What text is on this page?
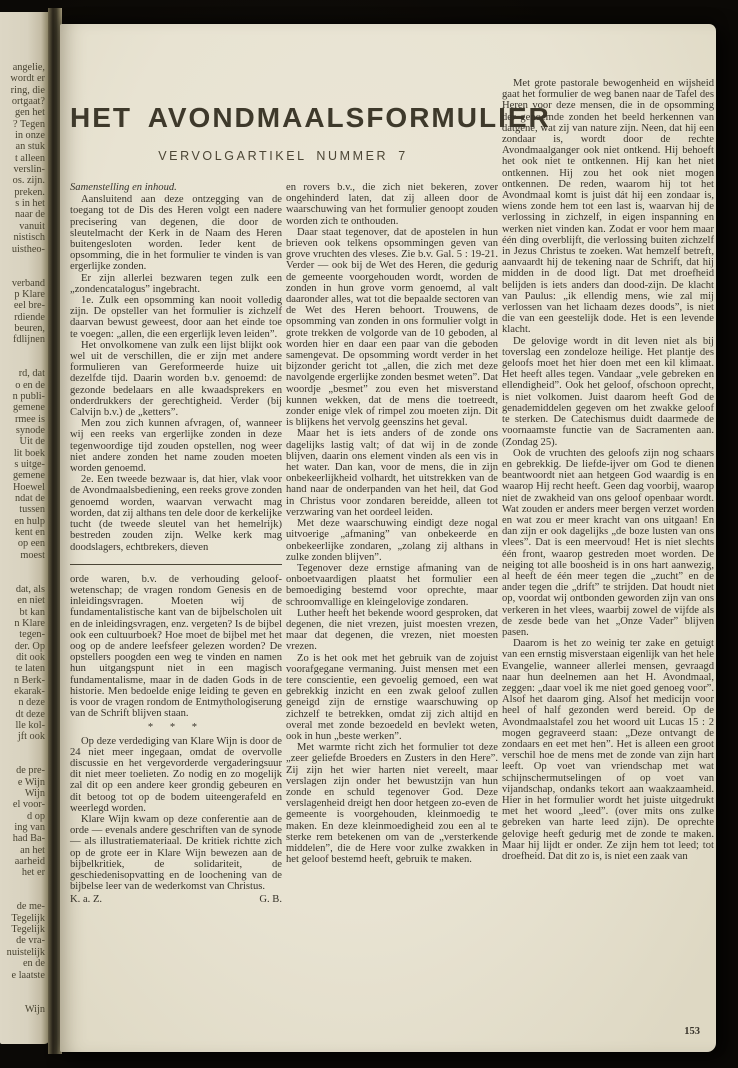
angelie,
wordt er
ring, die
ortgaat?
gen het
? Tegen
in onze
an stuk
t alleen
verslin-
os. zijn.
preken.
s in het
naar de
vanuit
nistisch
uistheo-
verband
p Klare
eel bre-
rdiende
beuren,
fdlijnen
rd, dat
o en de
n publi-
gemene
rmee is
synode
Uit de
lit boek
s uitge-
gemene
Hoewel
ndat de
tussen
en hulp
kent en
op een
moest
dat, als
en niet
bt kan
n Klare
tegen-
der. Op
dit ook
te laten
n Berk-
ekarak-
n deze
dt deze
lle kol-
jft ook
de pre-
e Wijn
Wijn
el voor-
d op
ing van
had Ba-
an het
aarheid
het er
de me-
Tegelijk
Tegelijk
de vra-
nuistelijk
en de
e laatste
Wijn
HET AVONDMAALSFORMULIER
VERVOLGARTIKEL NUMMER 7
Samenstelling en inhoud.
Aansluitend aan deze ontzegging van de toegang tot de Dis des Heren volgt een nadere precisering van degenen, die door de sleutelmacht der Kerk in de Naam des Heren buitengesloten worden. Ieder kent de opsomming, die in het formulier te vinden is van ergerlijke zonden.
Er zijn allerlei bezwaren tegen zulk een „zondencatalogus” ingebracht.
1e. Zulk een opsomming kan nooit volledig zijn. De opsteller van het formulier is zichzelf daarvan bewust geweest, door aan het einde toe te voegen: „allen, die een ergerlijk leven leiden”.
Het onvolkomene van zulk een lijst blijkt ook wel uit de verschillen, die er zijn met andere formulieren van Gereformeerde huize uit dezelfde tijd. Daarin worden b.v. genoemd: de gezonde bedelaars en alle kwaadsprekers en onderdrukkers der gerechtigheid. Verder (bij Calvijn b.v.) de „ketters”.
Men zou zich kunnen afvragen, of, wanneer wij een reeks van ergerlijke zonden in deze tegenwoordige tijd zouden opstellen, nog weer niet andere zonden het name zouden moeten worden genoemd.
2e. Een tweede bezwaar is, dat hier, vlak voor de Avondmaalsbediening, een reeks grove zonden genoemd worden, waarvan verwacht mag worden, dat zij althans ten dele door de kerkelijke tucht (de tweede sleutel van het hemelrijk) bestreden zouden zijn. Welke kerk mag doodslagers, echtbrekers, dieven
orde waren, b.v. de verhouding geloof-wetenschap; de vragen rondom Genesis en de inleidingsvragen. Moeten wij de fundamentalistische kant van de bijbelscholen uit en de inleidingsvragen, enz. vergeten? Is de bijbel ook een cultuurboek? Hoe moet de bijbel met het oog op de andere leefsfeer gelezen worden? De opstellers poogden een weg te vinden en namen hun uitgangspunt niet in een magisch fundamentalisme, maar in de daden Gods in de historie. Men bedoelde enige leiding te geven en is voor de vragen rondom de Entmythologiserung van de Schrift blijven staan.
* * *
Op deze verdediging van Klare Wijn is door de 24 niet meer ingegaan, omdat de overvolle discussie en het vergevorderde vergaderingsuur dit niet meer toelieten. Zo nodig en zo mogelijk zal dit op een andere keer grondig gebeuren en dit betoog tot op de bodem uiteengerafeld en weerlegd worden.
Klare Wijn kwam op deze conferentie aan de orde — evenals andere geschriften van de synode — als illustratiemateriaal. De kritiek richtte zich op de grote eer in Klare Wijn bewezen aan de bijbelkritiek, de solidariteit, de geschiedenisopvatting en de loochening van de bijbelse leer van de wederkomst van Christus.
K. a. Z.	G. B.
en rovers b.v., die zich niet bekeren, zover ongehinderd laten, dat zij alleen door de waarschuwing van het formulier genoopt zouden worden zich te onthouden.
Daar staat tegenover, dat de apostelen in hun brieven ook telkens opsommingen geven van grove vruchten des vleses. Zie b.v. Gal. 5 : 19-21. Verder — ook bij de Wet des Heren, die gedurig de gemeente voorgehouden wordt, worden de zonden in hun grove vorm genoemd, al valt daaronder alles, wat tot die bepaalde sectoren van de Wet des Heren behoort. Trouwens, de opsomming van zonden in ons formulier volgt in grote trekken de volgorde van de 10 geboden, al worden hier en daar een paar van die geboden samengevat. De opsomming wordt verder in het bijzonder gericht tot „allen, die zich met deze navolgende ergerlijke zonden besmet weten”. Dat woordje „besmet” zou even het misverstand kunnen wekken, dat de mens die toetreedt, zonder enige vlek of rimpel zou moeten zijn. Dit is blijkens het vervolg geenszins het geval.
Maar het is iets anders of de zonde ons dagelijks lastig valt; of dat wij in de zonde blijven, daarin ons element vinden als een vis in het water. Dan kan, voor de mens, die in zijn onbekeerlijkheid volhardt, het uitstrekken van de hand naar de onderpanden van het heil, dat God in Christus voor zondaren bereidde, alleen tot verzwaring van het oordeel leiden.
Met deze waarschuwing eindigt deze nogal uitvoerige „afmaning” van onbekeerde en onbekeerlijke zondaren, „zolang zij althans in zulke zonden blijven”.
Tegenover deze ernstige afmaning van de onboetvaardigen plaatst het formulier een bemoediging bestemd voor oprechte, maar schroomvallige en kleingelovige zondaren.
Luther heeft het bekende woord gesproken, dat degenen, die niet vrezen, juist moesten vrezen, maar dat degenen, die vrezen, niet moesten vrezen.
Zo is het ook met het gebruik van de zojuist voorafgegane vermaning. Juist mensen met een tere conscientie, een gevoelig gemoed, een wat gebrekkig inzicht en een zwak geloof zullen geneigd zijn de ernstige waarschuwing op zichzelf te betrekken, omdat zij zich altijd en overal met zonde bezoedeld en bevlekt weten, ook in hun „beste werken”.
Met warmte richt zich het formulier tot deze „zeer geliefde Broeders en Zusters in den Here”. Zij zijn het wier harten niet vereelt, maar verslagen zijn onder het bewustzijn van hun zonde en schuld tegenover God. Deze verslagenheid dreigt hen door hetgeen zo-even de gemeente is voorgehouden, kleinmoedig te maken. En deze kleinmoedigheid zou een al te sterke rem betekenen om van de „versterkende middelen”, die de Here voor zulke zwakken in het geloof bestemd heeft, gebruik te maken.
Met grote pastorale bewogenheid en wijsheid gaat het formulier de weg banen naar de Tafel des Heren voor deze mensen, die in de opsomming der genoemde zonden het beeld herkennen van datgene, wat zij van nature zijn. Neen, dat hij een zondaar is, wordt door de rechte Avondmaalganger ook niet ontkend. Hij behoeft het ook niet te ontkennen. Hij kan het niet ontkennen. Hij zou het ook niet mogen ontkennen. De reden, waarom hij tot het Avondmaal komt is juist dát hij een zondaar is, wiens zonde hem tot een last is, waarvan hij de verlossing in zichzelf, in eigen inspanning en werken niet vinden kan. Zodat er voor hem maar één ding overblijft, die verlossing buiten zichzelf in Jezus Christus te zoeken. Wat hemzelf betreft, aanvaardt hij de tekening naar de Schrift, dat hij midden in de dood ligt. Dat met droefheid belijden is iets anders dan dood-zijn. De klacht van Paulus: „ik ellendig mens, wie zal mij verlossen van het lichaam dezes doods”, is niet die van een geestelijk dode. Het is een levende klacht.
De gelovige wordt in dit leven niet als bij toverslag een zondeloze heilige. Het plantje des geloofs moet het hier doen met een kil klimaat. Het heeft alles tegen. Vandaar „vele gebreken en ellendigheid”. Ook het geloof, ofschoon oprecht, is niet volkomen. Juist daarom heeft God de genademiddelen gegeven om het zwakke geloof te sterken. De Catechismus duidt daarmede de voornaamste functie van de Sacramenten aan. (Zondag 25).
Ook de vruchten des geloofs zijn nog schaars en gebrekkig. De liefde-ijver om God te dienen beantwoordt niet aan hetgeen God waardig is en waarop Hij recht heeft. Geen dag voorbij, waarop niet de zwakheid van ons geloof openbaar wordt. Wat zouden er anders meer bergen verzet worden en wat zou er meer kracht van ons uitgaan! En dan zijn er ook dagelijks „de boze lusten van ons vlees”. Dat is een meervoud! Het is niet slechts één front, waarop gestreden moet worden. De neiging tot alle boosheid is in ons hart aanwezig, al heeft de één meer tegen die „zucht” en de ander tegen die „drift” te strijden. Dat houdt niet op, voordat wij ontbonden geworden zijn van ons verkeren in het vlees, waarbij zowel de vijfde als de zesde bede van het „Onze Vader” blijven pasen.
Daarom is het zo weinig ter zake en getuigt van een ernstig misverstaan eigenlijk van het hele Evangelie, wanneer allerlei mensen, gevraagd naar hun deelnemen aan het H. Avondmaal, zeggen: „daar voel ik me niet goed genoeg voor”. Alsof het daarom ging. Alsof het medicijn voor heel of half gezonden werd bereid. Op de Avondmaalstafel zou het woord uit Lucas 15 : 2 mogen gegraveerd staan: „Deze ontvangt de zondaars en eet met hen”. Het is alleen een groot verschil hoe de mens met de zonde van zijn hart leeft. Op voet van vriendschap met wat schijnschermutselingen of op voet van vijandschap, ondanks tekort aan waakzaamheid. Hier in het formulier wordt het juiste uitgedrukt met het woord „leed”. (over mits ons zulke gebreken van harte leed zijn). De oprechte gelovige heeft gedurig met de zonde te maken. Maar hij lijdt er onder. Ze zijn hem tot leed; tot droefheid. Dat dit zo is, is niet een zaak van
153
